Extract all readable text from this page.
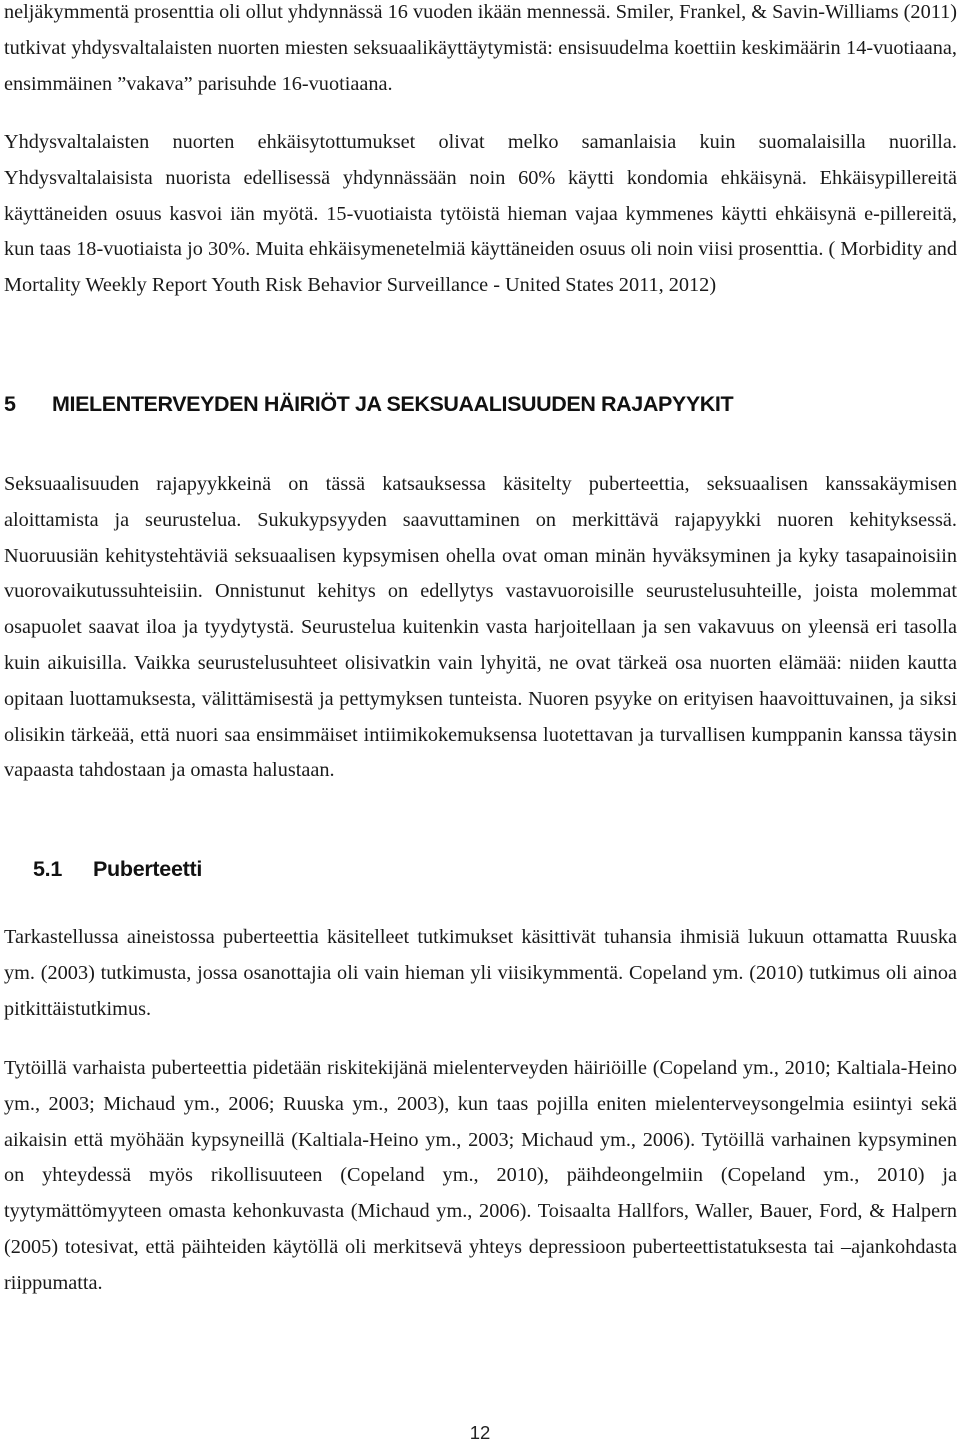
neljäkymmentä prosenttia oli ollut yhdynnässä 16 vuoden ikään mennessä. Smiler, Frankel, & Savin-Williams (2011) tutkivat yhdysvaltalaisten nuorten miesten seksuaalikäyttäytymistä: ensisuudelma koettiin keskimäärin 14-vuotiaana, ensimmäinen ”vakava” parisuhde 16-vuotiaana.

Yhdysvaltalaisten nuorten ehkäisytottumukset olivat melko samanlaisia kuin suomalaisilla nuorilla. Yhdysvaltalaisista nuorista edellisessä yhdynnässään noin 60% käytti kondomia ehkäisynä. Ehkäisypillereitä käyttäneiden osuus kasvoi iän myötä. 15-vuotiaista tytöistä hieman vajaa kymmenes käytti ehkäisynä e-pillereitä, kun taas 18-vuotiaista jo 30%. Muita ehkäisymenetelmiä käyttäneiden osuus oli noin viisi prosenttia. ( Morbidity and Mortality Weekly Report Youth Risk Behavior Surveillance - United States 2011, 2012)

5 MIELENTERVEYDEN HÄIRIÖT JA SEKSUAALISUUDEN RAJAPYYKIT

Seksuaalisuuden rajapyykkeinä on tässä katsauksessa käsitelty puberteettia, seksuaalisen kanssakäymisen aloittamista ja seurustelua. Sukukypsyyden saavuttaminen on merkittävä rajapyykki nuoren kehityksessä. Nuoruusiän kehitystehtäviä seksuaalisen kypsymisen ohella ovat oman minän hyväksyminen ja kyky tasapainoisiin vuorovaikutussuhteisiin. Onnistunut kehitys on edellytys vastavuoroisille seurustelusuhteille, joista molemmat osapuolet saavat iloa ja tyydytystä. Seurustelua kuitenkin vasta harjoitellaan ja sen vakavuus on yleensä eri tasolla kuin aikuisilla. Vaikka seurustelusuhteet olisivatkin vain lyhyitä, ne ovat tärkeä osa nuorten elämää: niiden kautta opitaan luottamuksesta, välittämisestä ja pettymyksen tunteista. Nuoren psyyke on erityisen haavoittuvainen, ja siksi olisikin tärkeää, että nuori saa ensimmäiset intiimikokemuksensa luotettavan ja turvallisen kumppanin kanssa täysin vapaasta tahdostaan ja omasta halustaan.

5.1 Puberteetti

Tarkastellussa aineistossa puberteettia käsitelleet tutkimukset käsittivät tuhansia ihmisiä lukuun ottamatta Ruuska ym. (2003) tutkimusta, jossa osanottajia oli vain hieman yli viisikymmentä. Copeland ym. (2010) tutkimus oli ainoa pitkittäistutkimus.

Tytöillä varhaista puberteettia pidetään riskitekijänä mielenterveyden häiriöille (Copeland ym., 2010; Kaltiala-Heino ym., 2003; Michaud ym., 2006; Ruuska ym., 2003), kun taas pojilla eniten mielenterveysongelmia esiintyi sekä aikaisin että myöhään kypsyneillä (Kaltiala-Heino ym., 2003; Michaud ym., 2006). Tytöillä varhainen kypsyminen on yhteydessä myös rikollisuuteen (Copeland ym., 2010), päihdeongelmiin (Copeland ym., 2010) ja tyytymättömyyteen omasta kehonkuvasta (Michaud ym., 2006). Toisaalta Hallfors, Waller, Bauer, Ford, & Halpern (2005) totesivat, että päihteiden käytöllä oli merkitsevä yhteys depressioon puberteettistatuksesta tai –ajankohdasta riippumatta.

12
